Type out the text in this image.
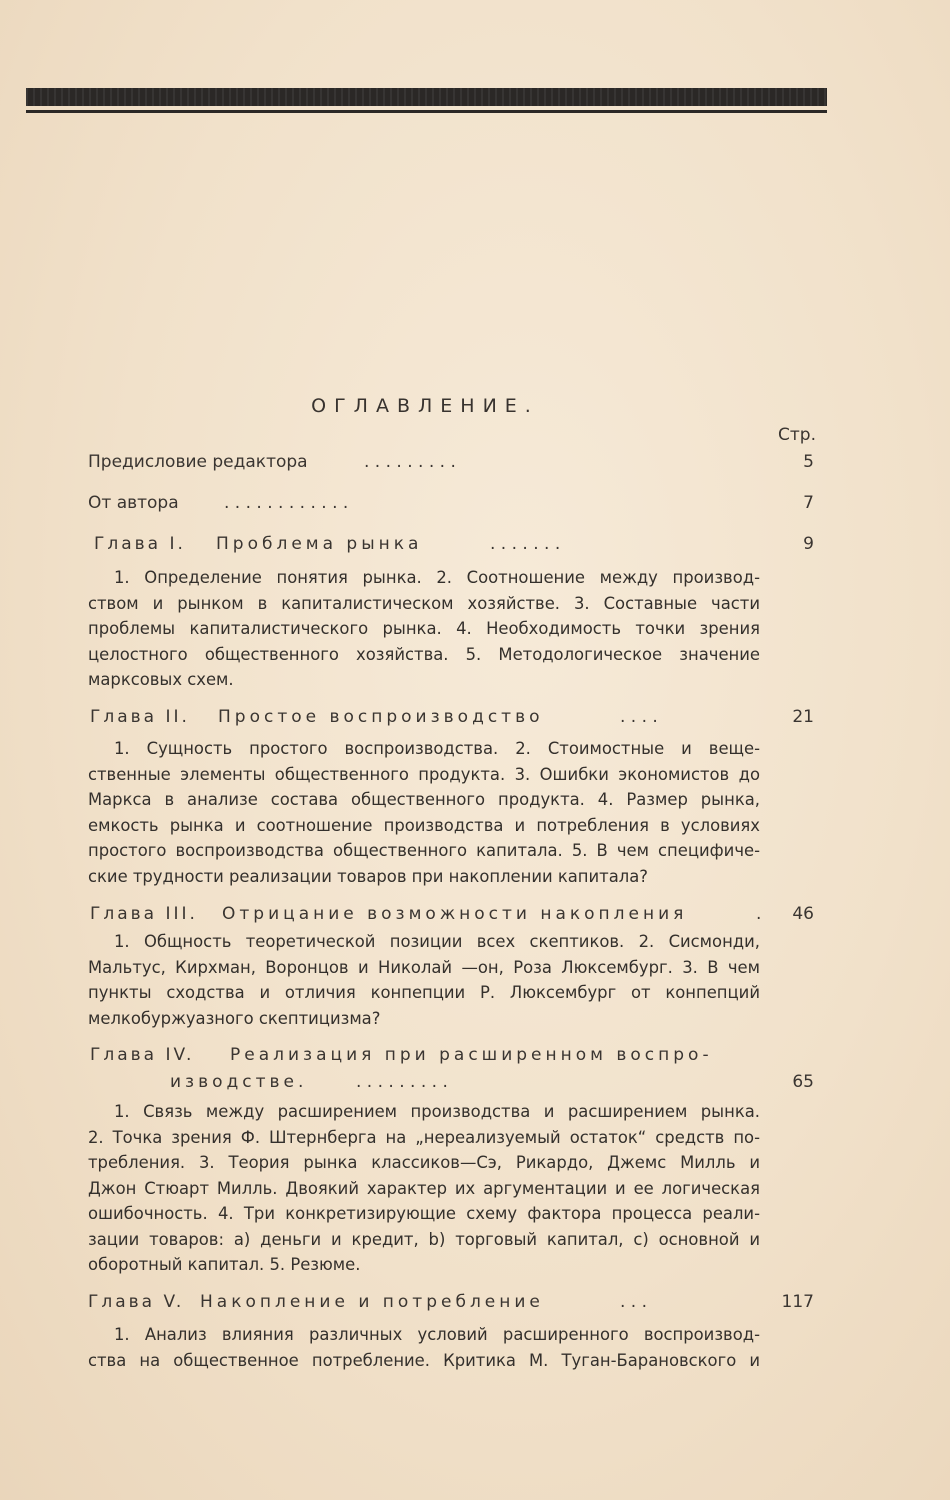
ОГЛАВЛЕНИЕ.
Стр.
Предисловие редактора	. . . . . . . . .	5
От автора	. . . . . . . . . . . .	7
Глава I. Проблема рынка	. . . . . . .	9
1. Определение понятия рынка. 2. Соотношение между производ-
ством и рынком в капиталистическом хозяйстве. 3. Составные части
проблемы капиталистического рынка. 4. Необходимость точки зрения
целостного общественного хозяйства. 5. Методологическое значение
марксовых схем.
Глава II. Простое воспроизводство	. . . .	21
1. Сущность простого воспроизводства. 2. Стоимостные и веще-
ственные элементы общественного продукта. 3. Ошибки экономистов до
Маркса в анализе состава общественного продукта. 4. Размер рынка,
емкость рынка и соотношение производства и потребления в условиях
простого воспроизводства общественного капитала. 5. В чем специфиче-
ские трудности реализации товаров при накоплении капитала?
Глава III. Отрицание возможности накопления	.	46
1. Общность теоретической позиции всех скептиков. 2. Сисмонди,
Мальтус, Кирхман, Воронцов и Николай —он, Роза Люксембург. 3. В чем
пункты сходства и отличия конпепции Р. Люксембург от конпепций
мелкобуржуазного скептицизма?
Глава IV. Реализация при расширенном воспро-
изводстве.	. . . . . . . . .	65
1. Связь между расширением производства и расширением рынка.
2. Точка зрения Ф. Штернберга на „нереализуемый остаток“ средств по-
требления. 3. Теория рынка классиков—Сэ, Рикардо, Джемс Милль и
Джон Стюарт Милль. Двоякий характер их аргументации и ее логическая
ошибочность. 4. Три конкретизирующие схему фактора процесса реали-
зации товаров: а) деньги и кредит, b) торговый капитал, с) основной и
оборотный капитал. 5. Резюме.
Глава V. Накопление и потребление	. . .	117
1. Анализ влияния различных условий расширенного воспроизвод-
ства на общественное потребление. Критика М. Туган-Барановского и
